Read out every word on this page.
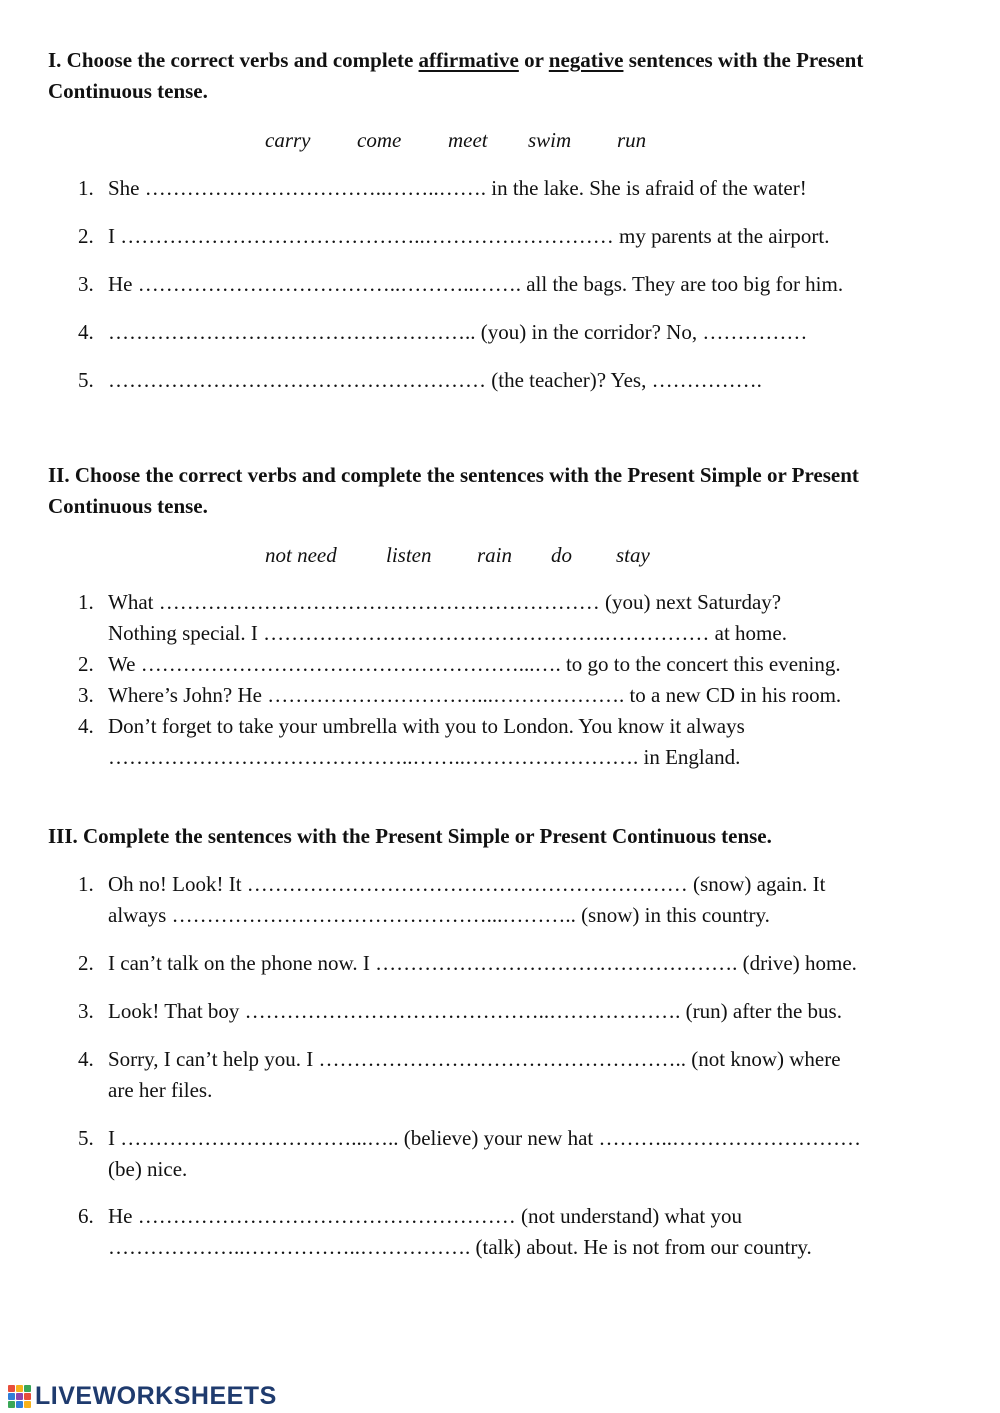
I. Choose the correct verbs and complete affirmative or negative sentences with the Present Continuous tense.

carry come meet swim run
1. She ……………………………..……..……. in the lake. She is afraid of the water!
2. I ……………………………………..……………………… my parents at the airport.
3. He ………………………………..………..……. all the bags. They are too big for him.
4. …………………………………………….. (you) in the corridor? No, ……………
5. ……………………………………………… (the teacher)? Yes, …………….

II. Choose the correct verbs and complete the sentences with the Present Simple or Present Continuous tense.

not need listen rain do stay
1. What ……………………………………………………… (you) next Saturday?
Nothing special. I ………………………………………….…………… at home.
2. We ………………………………………………...…. to go to the concert this evening.
3. Where’s John? He …………………………...………………. to a new CD in his room.
4. Don’t forget to take your umbrella with you to London. You know it always
……………………………………..……..……………………. in England.

III. Complete the sentences with the Present Simple or Present Continuous tense.

1. Oh no! Look! It ……………………………………………………… (snow) again. It
always ………………………………………...……….. (snow) in this country.
2. I can’t talk on the phone now. I ……………………………………………. (drive) home.
3. Look! That boy ……………………………………..………………. (run) after the bus.
4. Sorry, I can’t help you. I …………………………………………….. (not know) where
are her files.
5. I ……………………………...….. (believe) your new hat ………..………………………
(be) nice.
6. He ……………………………………………… (not understand) what you
………………..……………..……………. (talk) about. He is not from our country.
LIVEWORKSHEETS
